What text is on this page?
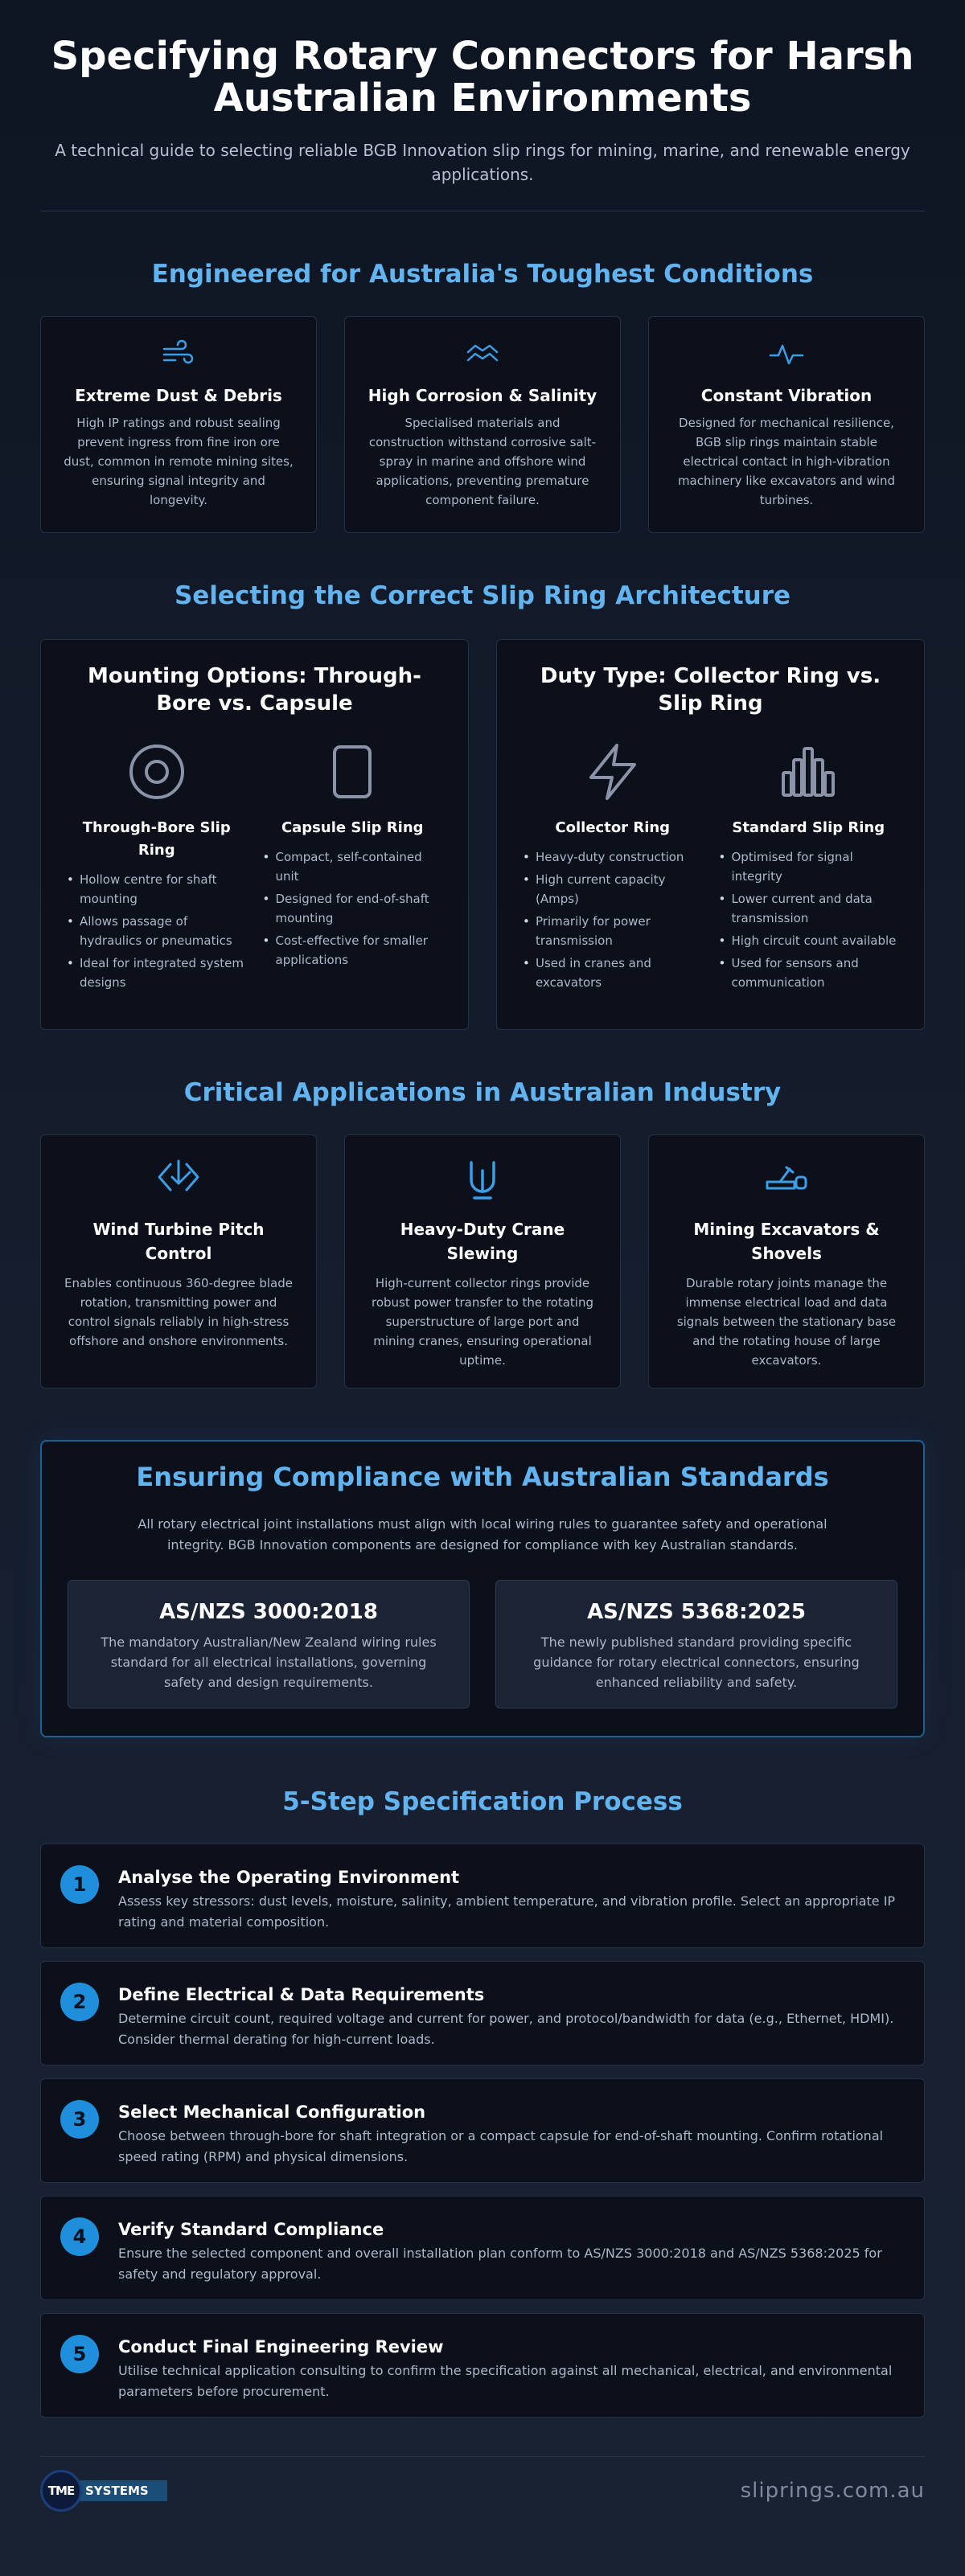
Specifying Rotary Connectors for Harsh Australian Environments

A technical guide to selecting reliable BGB Innovation slip rings for mining, marine, and renewable energy applications.

Engineered for Australia's Toughest Conditions
Extreme Dust & Debris
High IP ratings and robust sealing prevent ingress from fine iron ore dust, common in remote mining sites, ensuring signal integrity and longevity.
High Corrosion & Salinity
Specialised materials and construction withstand corrosive salt-spray in marine and offshore wind applications, preventing premature component failure.
Constant Vibration
Designed for mechanical resilience, BGB slip rings maintain stable electrical contact in high-vibration machinery like excavators and wind turbines.
Selecting the Correct Slip Ring Architecture
Mounting Options: Through-Bore vs. Capsule
Through-Bore Slip Ring
• Hollow centre for shaft mounting
• Allows passage of hydraulics or pneumatics
• Ideal for integrated system designs
Capsule Slip Ring
• Compact, self-contained unit
• Designed for end-of-shaft mounting
• Cost-effective for smaller applications
Duty Type: Collector Ring vs. Slip Ring
Collector Ring
• Heavy-duty construction
• High current capacity (Amps)
• Primarily for power transmission
• Used in cranes and excavators
Standard Slip Ring
• Optimised for signal integrity
• Lower current and data transmission
• High circuit count available
• Used for sensors and communication
Critical Applications in Australian Industry
Wind Turbine Pitch Control
Enables continuous 360-degree blade rotation, transmitting power and control signals reliably in high-stress offshore and onshore environments.
Heavy-Duty Crane Slewing
High-current collector rings provide robust power transfer to the rotating superstructure of large port and mining cranes, ensuring operational uptime.
Mining Excavators & Shovels
Durable rotary joints manage the immense electrical load and data signals between the stationary base and the rotating house of large excavators.
Ensuring Compliance with Australian Standards
All rotary electrical joint installations must align with local wiring rules to guarantee safety and operational integrity. BGB Innovation components are designed for compliance with key Australian standards.
AS/NZS 3000:2018

The mandatory Australian/New Zealand wiring rules standard for all electrical installations, governing safety and design requirements.

AS/NZS 5368:2025

The newly published standard providing specific guidance for rotary electrical connectors, ensuring enhanced reliability and safety.

5-Step Specification Process
1	Analyse the Operating Environment

Assess key stressors: dust levels, moisture, salinity, ambient temperature, and vibration profile. Select an appropriate IP rating and material composition.

2	Define Electrical & Data Requirements

Determine circuit count, required voltage and current for power, and protocol/bandwidth for data (e.g., Ethernet, HDMI). Consider thermal derating for high-current loads.

3	Select Mechanical Configuration

Choose between through-bore for shaft integration or a compact capsule for end-of-shaft mounting. Confirm rotational speed rating (RPM) and physical dimensions.

4	Verify Standard Compliance

Ensure the selected component and overall installation plan conform to AS/NZS 3000:2018 and AS/NZS 5368:2025 for safety and regulatory approval.

5	Conduct Final Engineering Review

Utilise technical application consulting to confirm the specification against all mechanical, electrical, and environmental parameters before procurement.

TME SYSTEMS	sliprings.com.au
